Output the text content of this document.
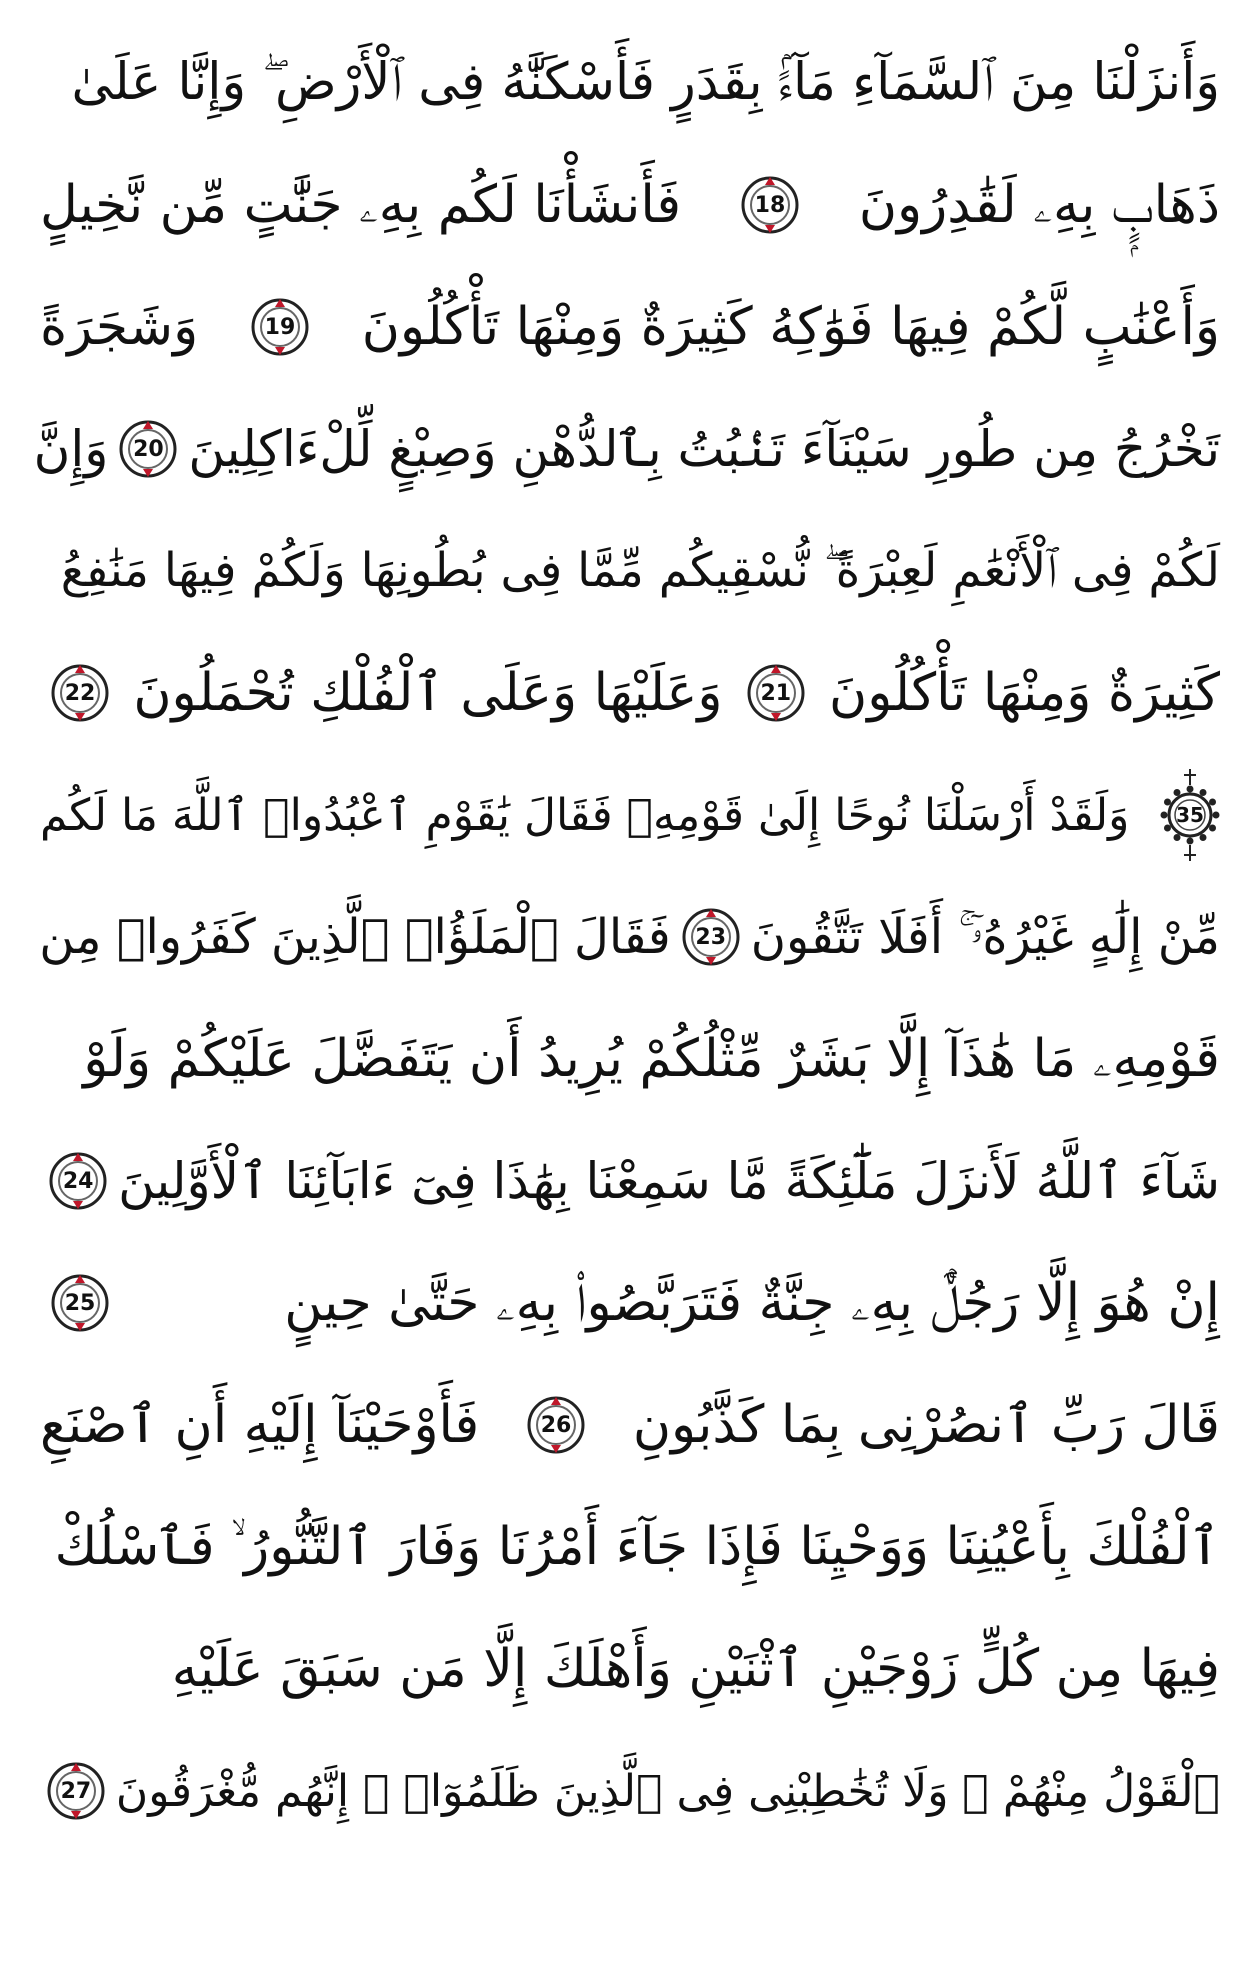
وَأَنزَلْنَا مِنَ ٱلسَّمَآءِ مَآءًۢ بِقَدَرٍ فَأَسْكَنَّٰهُ فِى ٱلْأَرْضِ ۖ وَإِنَّا عَلَىٰ
ذَهَابٍۭ بِهِۦ لَقَٰدِرُونَ
18
فَأَنشَأْنَا لَكُم بِهِۦ جَنَّٰتٍ مِّن نَّخِيلٍ
وَأَعْنَٰبٍ لَّكُمْ فِيهَا فَوَٰكِهُ كَثِيرَةٌ وَمِنْهَا تَأْكُلُونَ
19
وَشَجَرَةً
تَخْرُجُ مِن طُورِ سَيْنَآءَ تَنۢبُتُ بِٱلدُّهْنِ وَصِبْغٍ لِّلْءَاكِلِينَ
20
وَإِنَّ
لَكُمْ فِى ٱلْأَنْعَٰمِ لَعِبْرَةً ۖ نُّسْقِيكُم مِّمَّا فِى بُطُونِهَا وَلَكُمْ فِيهَا مَنَٰفِعُ
كَثِيرَةٌ وَمِنْهَا تَأْكُلُونَ
21
وَعَلَيْهَا وَعَلَى ٱلْفُلْكِ تُحْمَلُونَ
22
35
وَلَقَدْ أَرْسَلْنَا نُوحًا إِلَىٰ قَوْمِهِۦ فَقَالَ يَٰقَوْمِ ٱعْبُدُوا۟ ٱللَّهَ مَا لَكُم
مِّنْ إِلَٰهٍ غَيْرُهُۥٓ ۚ أَفَلَا تَتَّقُونَ
23
فَقَالَ ٱلْمَلَؤُا۟ ٱلَّذِينَ كَفَرُوا۟ مِن
قَوْمِهِۦ مَا هَٰذَآ إِلَّا بَشَرٌ مِّثْلُكُمْ يُرِيدُ أَن يَتَفَضَّلَ عَلَيْكُمْ وَلَوْ
شَآءَ ٱللَّهُ لَأَنزَلَ مَلَٰٓئِكَةً مَّا سَمِعْنَا بِهَٰذَا فِىٓ ءَابَآئِنَا ٱلْأَوَّلِينَ
24
إِنْ هُوَ إِلَّا رَجُلٌۢ بِهِۦ جِنَّةٌ فَتَرَبَّصُوا۟ بِهِۦ حَتَّىٰ حِينٍ
25
قَالَ رَبِّ ٱنصُرْنِى بِمَا كَذَّبُونِ
26
فَأَوْحَيْنَآ إِلَيْهِ أَنِ ٱصْنَعِ
ٱلْفُلْكَ بِأَعْيُنِنَا وَوَحْيِنَا فَإِذَا جَآءَ أَمْرُنَا وَفَارَ ٱلتَّنُّورُ ۙ فَٱسْلُكْ
فِيهَا مِن كُلٍّ زَوْجَيْنِ ٱثْنَيْنِ وَأَهْلَكَ إِلَّا مَن سَبَقَ عَلَيْهِ
ٱلْقَوْلُ مِنْهُمْ ۖ وَلَا تُخَٰطِبْنِى فِى ٱلَّذِينَ ظَلَمُوٓا۟ ۖ إِنَّهُم مُّغْرَقُونَ
27
